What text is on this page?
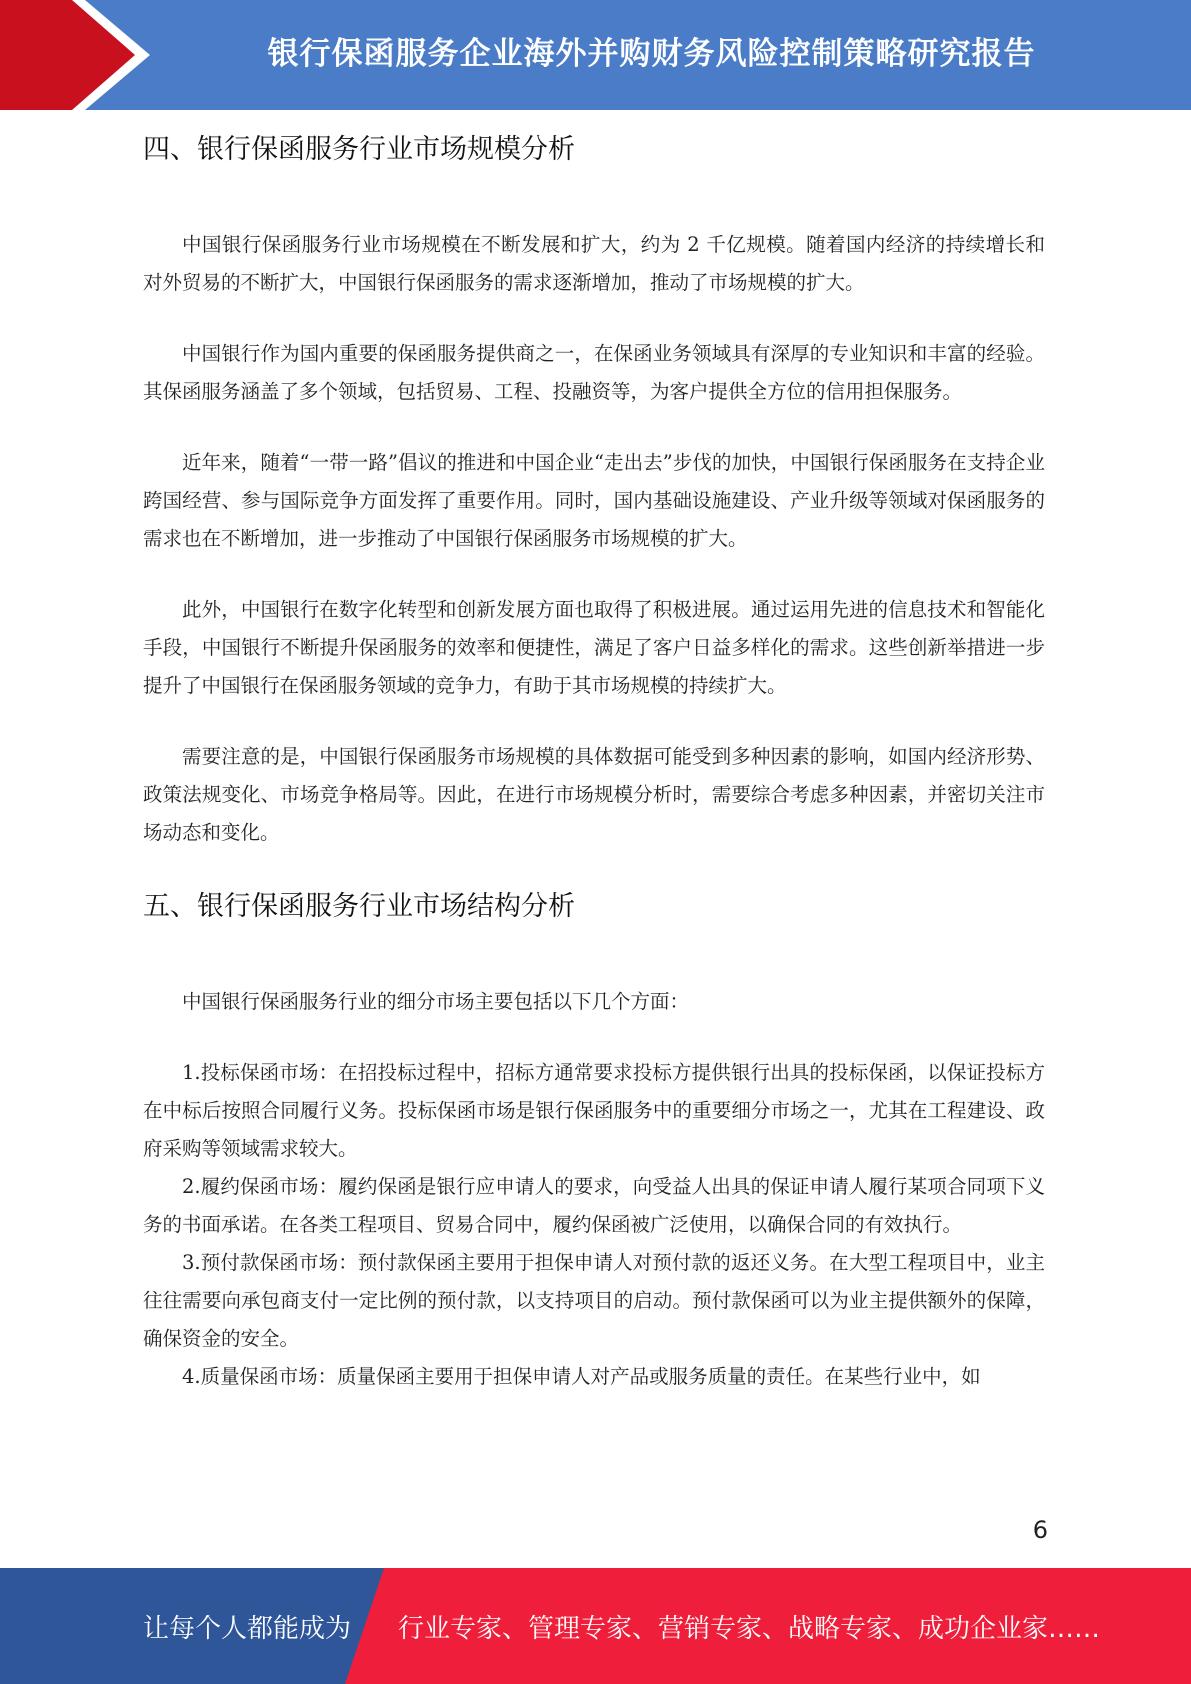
银行保函服务企业海外并购财务风险控制策略研究报告
四、银行保函服务行业市场规模分析

中国银行保函服务行业市场规模在不断发展和扩大，约为 2 千亿规模。随着国内经济的持续增长和对外贸易的不断扩大，中国银行保函服务的需求逐渐增加，推动了市场规模的扩大。

中国银行作为国内重要的保函服务提供商之一，在保函业务领域具有深厚的专业知识和丰富的经验。其保函服务涵盖了多个领域，包括贸易、工程、投融资等，为客户提供全方位的信用担保服务。

近年来，随着“一带一路”倡议的推进和中国企业“走出去”步伐的加快，中国银行保函服务在支持企业跨国经营、参与国际竞争方面发挥了重要作用。同时，国内基础设施建设、产业升级等领域对保函服务的需求也在不断增加，进一步推动了中国银行保函服务市场规模的扩大。

此外，中国银行在数字化转型和创新发展方面也取得了积极进展。通过运用先进的信息技术和智能化手段，中国银行不断提升保函服务的效率和便捷性，满足了客户日益多样化的需求。这些创新举措进一步提升了中国银行在保函服务领域的竞争力，有助于其市场规模的持续扩大。

需要注意的是，中国银行保函服务市场规模的具体数据可能受到多种因素的影响，如国内经济形势、政策法规变化、市场竞争格局等。因此，在进行市场规模分析时，需要综合考虑多种因素，并密切关注市场动态和变化。

五、银行保函服务行业市场结构分析

中国银行保函服务行业的细分市场主要包括以下几个方面：

1.投标保函市场：在招投标过程中，招标方通常要求投标方提供银行出具的投标保函，以保证投标方在中标后按照合同履行义务。投标保函市场是银行保函服务中的重要细分市场之一，尤其在工程建设、政府采购等领域需求较大。

2.履约保函市场：履约保函是银行应申请人的要求，向受益人出具的保证申请人履行某项合同项下义务的书面承诺。在各类工程项目、贸易合同中，履约保函被广泛使用，以确保合同的有效执行。

3.预付款保函市场：预付款保函主要用于担保申请人对预付款的返还义务。在大型工程项目中，业主往往需要向承包商支付一定比例的预付款，以支持项目的启动。预付款保函可以为业主提供额外的保障，确保资金的安全。

4.质量保函市场：质量保函主要用于担保申请人对产品或服务质量的责任。在某些行业中，如

6
让每个人都能成为 行业专家、管理专家、营销专家、战略专家、成功企业家……
